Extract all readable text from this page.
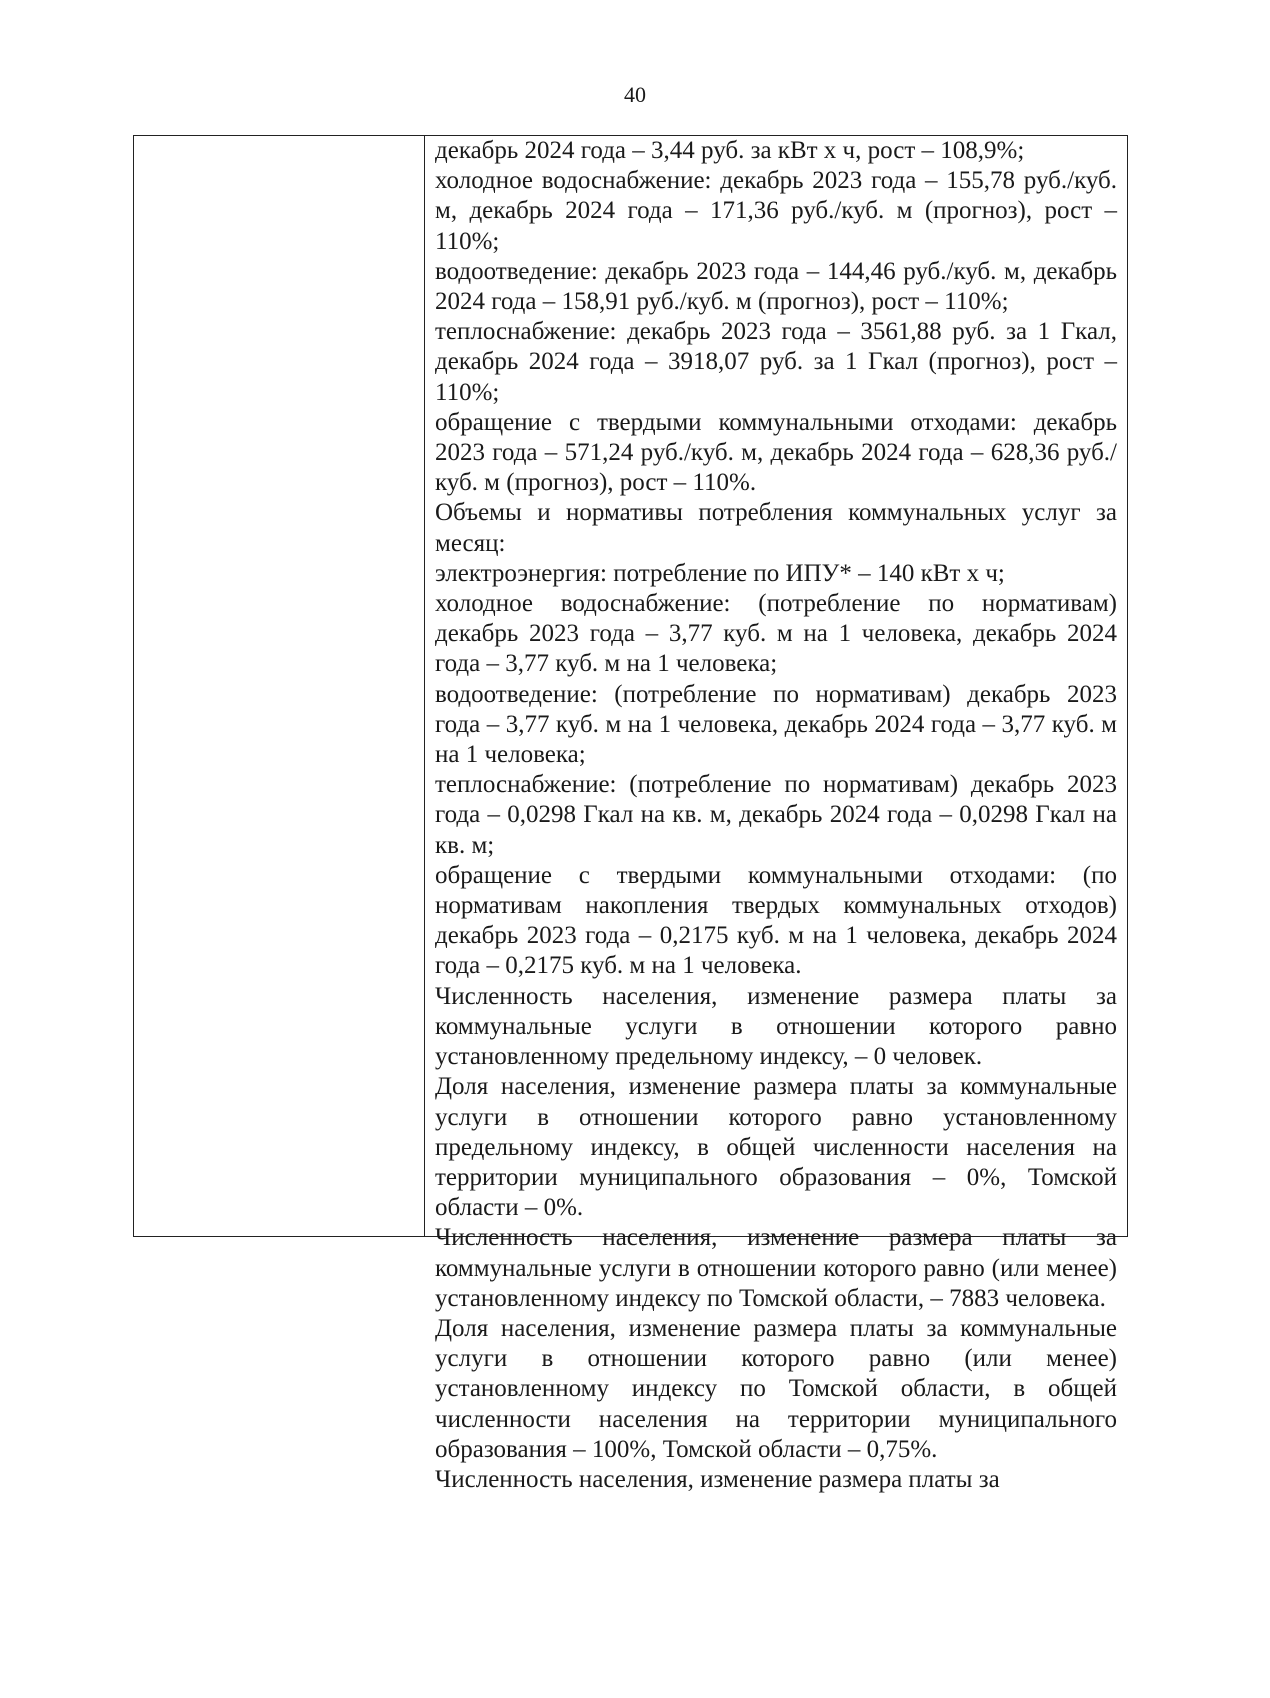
40

декабрь 2024 года – 3,44 руб. за кВт х ч, рост – 108,9%;

холодное водоснабжение: декабрь 2023 года – 155,78 руб./куб. м, декабрь 2024 года – 171,36 руб./куб. м (прогноз), рост – 110%;

водоотведение: декабрь 2023 года – 144,46 руб./куб. м, декабрь 2024 года – 158,91 руб./куб. м (прогноз), рост – 110%;

теплоснабжение: декабрь 2023 года – 3561,88 руб. за 1 Гкал, декабрь 2024 года – 3918,07 руб. за 1 Гкал (прогноз), рост – 110%;

обращение с твердыми коммунальными отходами: декабрь 2023 года – 571,24 руб./куб. м, декабрь 2024 года – 628,36 руб./куб. м (прогноз), рост – 110%.

Объемы и нормативы потребления коммунальных услуг за месяц:

электроэнергия: потребление по ИПУ* – 140 кВт х ч;

холодное водоснабжение: (потребление по нормативам) декабрь 2023 года – 3,77 куб. м на 1 человека, декабрь 2024 года – 3,77 куб. м на 1 человека;

водоотведение: (потребление по нормативам) декабрь 2023 года – 3,77 куб. м на 1 человека, декабрь 2024 года – 3,77 куб. м на 1 человека;

теплоснабжение: (потребление по нормативам) декабрь 2023 года – 0,0298 Гкал на кв. м, декабрь 2024 года – 0,0298 Гкал на кв. м;

обращение с твердыми коммунальными отходами: (по нормативам накопления твердых коммунальных отходов) декабрь 2023 года – 0,2175 куб. м на 1 человека, декабрь 2024 года – 0,2175 куб. м на 1 человека.

Численность населения, изменение размера платы за коммунальные услуги в отношении которого равно установленному предельному индексу, – 0 человек.

Доля населения, изменение размера платы за коммунальные услуги в отношении которого равно установленному предельному индексу, в общей численности населения на территории муниципального образования – 0%, Томской области – 0%.

Численность населения, изменение размера платы за коммунальные услуги в отношении которого равно (или менее) установленному индексу по Томской области, – 7883 человека.

Доля населения, изменение размера платы за коммунальные услуги в отношении которого равно (или менее) установленному индексу по Томской области, в общей численности населения на территории муниципального образования – 100%, Томской области – 0,75%.

Численность населения, изменение размера платы за
